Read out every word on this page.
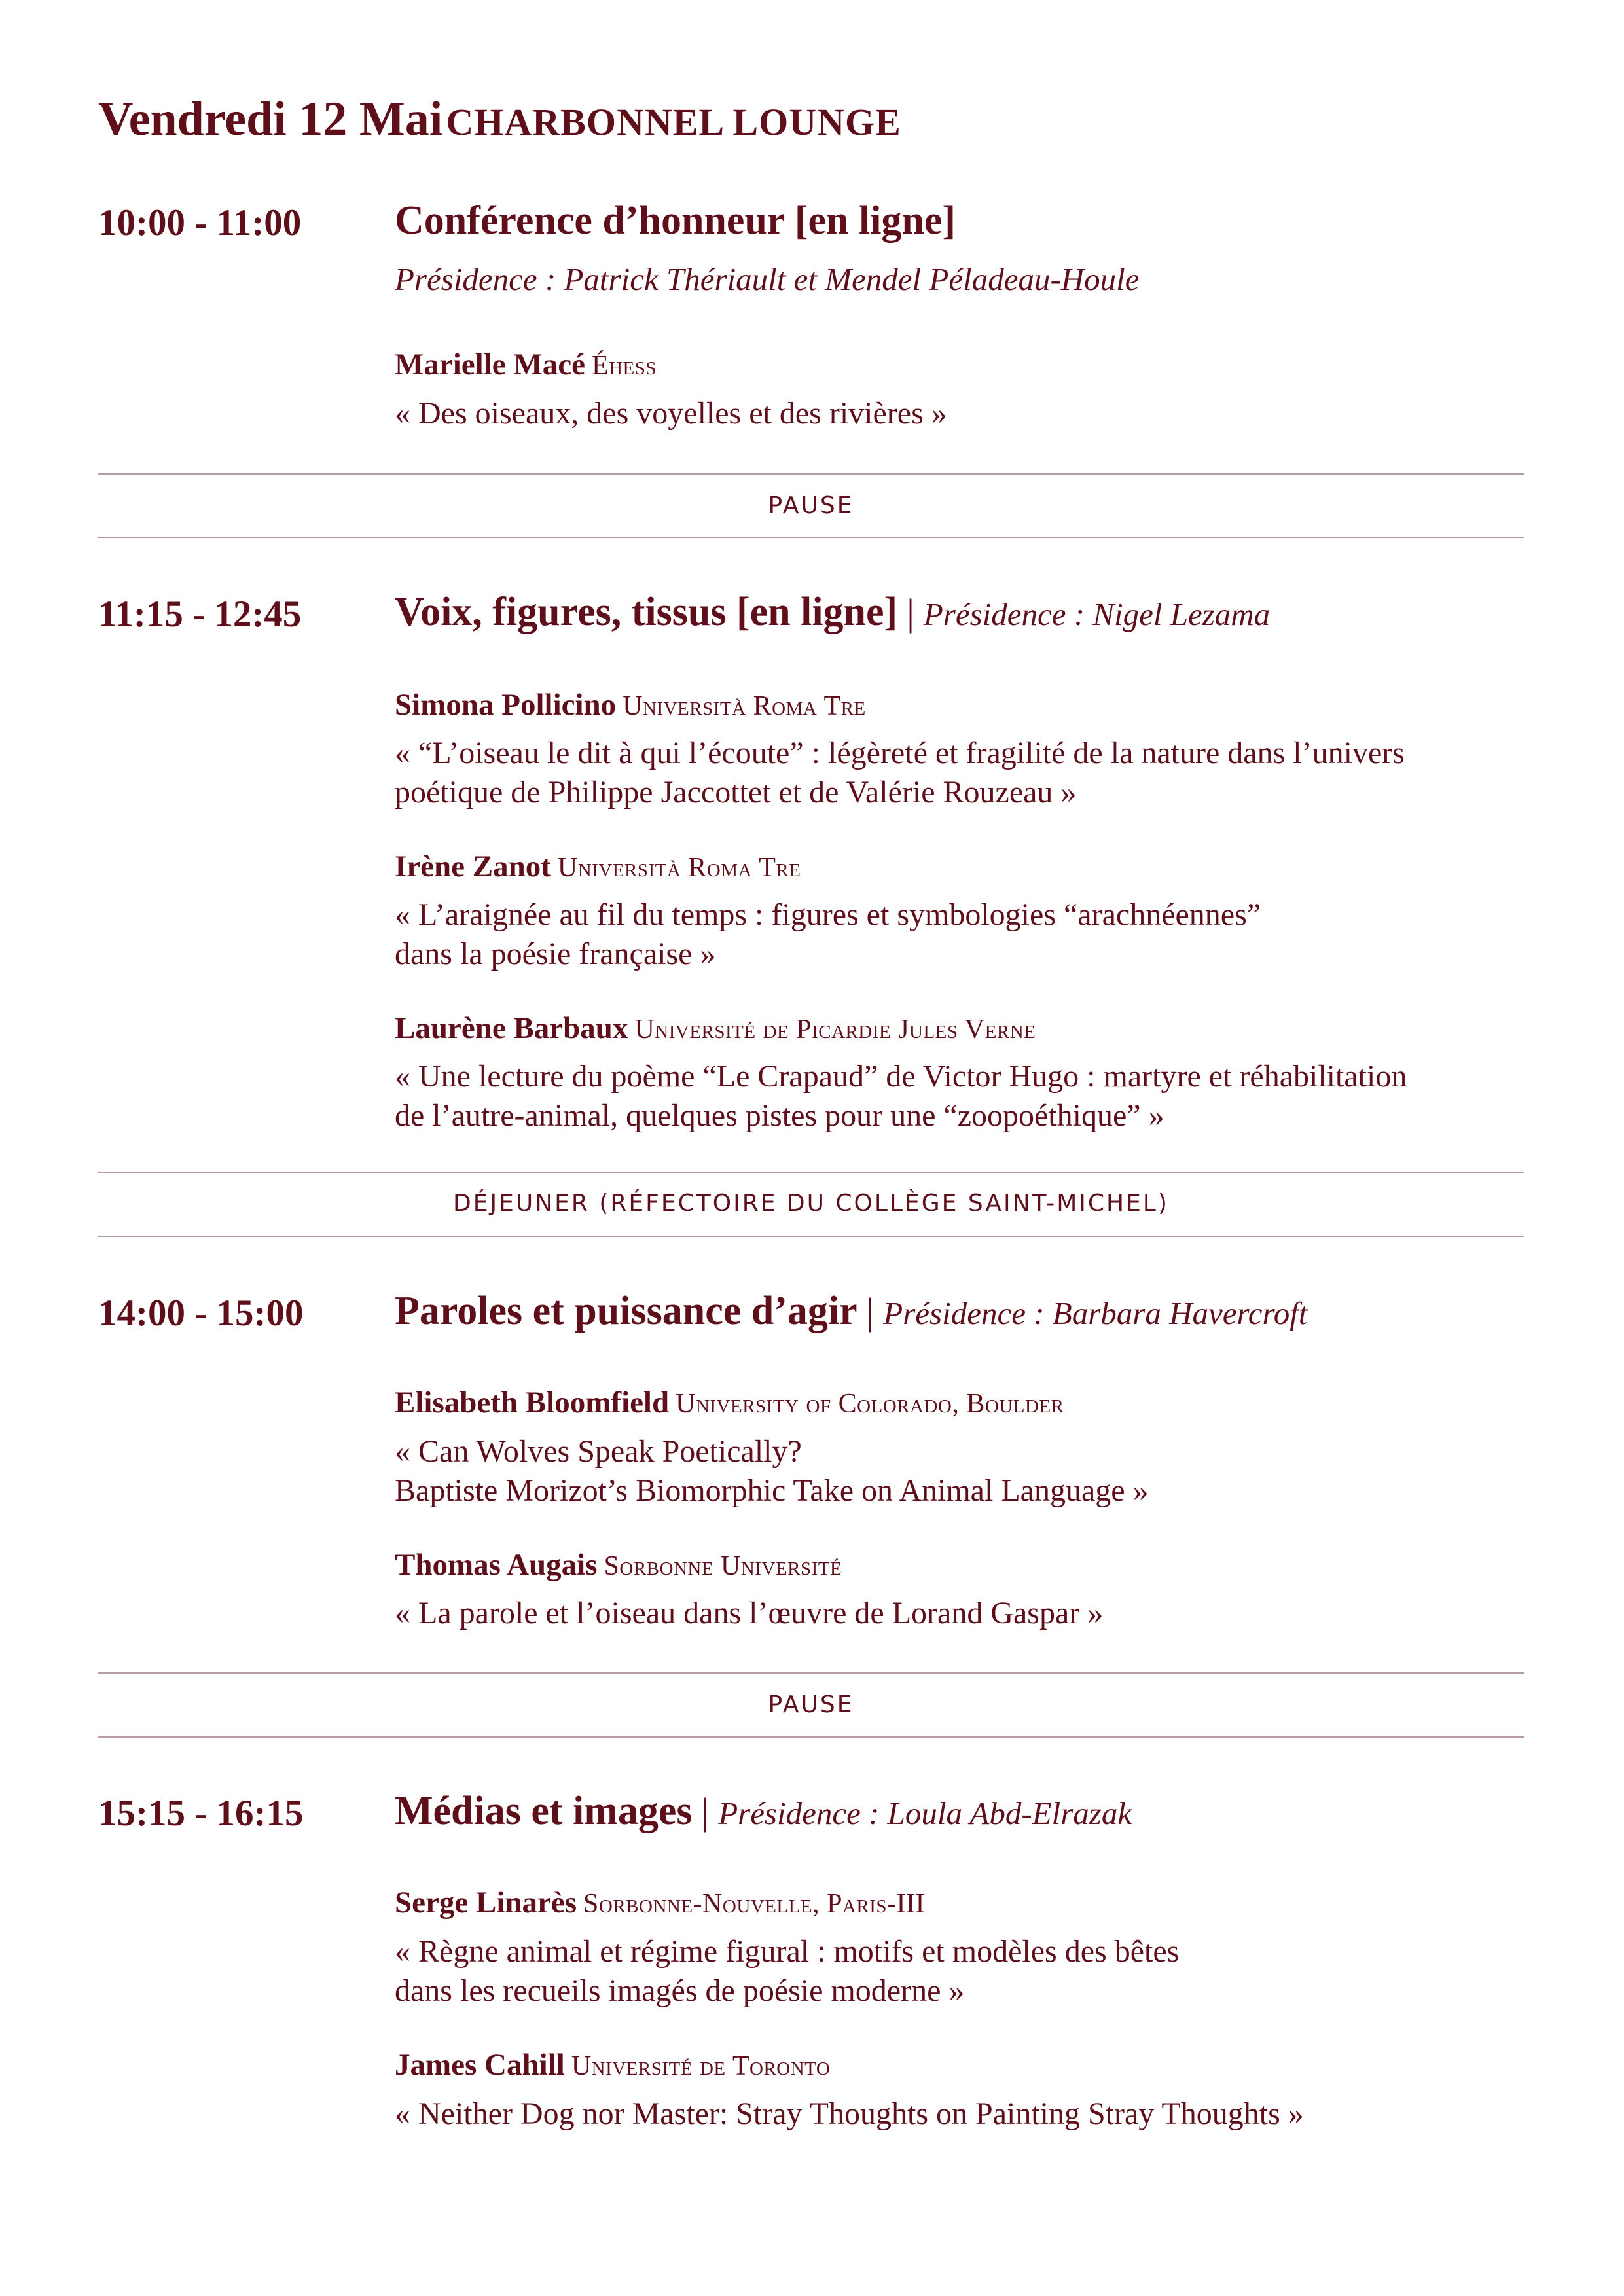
Vendredi 12 Mai CHARBONNEL LOUNGE
10:00 - 11:00 Conférence d’honneur [en ligne]
Présidence : Patrick Thériault et Mendel Péladeau-Houle
Marielle Macé Éhess
« Des oiseaux, des voyelles et des rivières »
PAUSE
11:15 - 12:45 Voix, figures, tissus [en ligne] | Présidence : Nigel Lezama
Simona Pollicino Università Roma Tre
« “L’oiseau le dit à qui l’écoute” : légèreté et fragilité de la nature dans l’univers
poétique de Philippe Jaccottet et de Valérie Rouzeau »
Irène Zanot Università Roma Tre
« L’araignée au fil du temps : figures et symbologies “arachnéennes”
dans la poésie française »
Laurène Barbaux Université de Picardie Jules Verne
« Une lecture du poème “Le Crapaud” de Victor Hugo : martyre et réhabilitation
de l’autre-animal, quelques pistes pour une “zoopoéthique” »
DÉJEUNER (RÉFECTOIRE DU COLLÈGE SAINT-MICHEL)
14:00 - 15:00 Paroles et puissance d’agir | Présidence : Barbara Havercroft
Elisabeth Bloomfield University of Colorado, Boulder
« Can Wolves Speak Poetically?
Baptiste Morizot’s Biomorphic Take on Animal Language »
Thomas Augais Sorbonne Université
« La parole et l’oiseau dans l’œuvre de Lorand Gaspar »
PAUSE
15:15 - 16:15 Médias et images | Présidence : Loula Abd-Elrazak
Serge Linarès Sorbonne-Nouvelle, Paris-III
« Règne animal et régime figural : motifs et modèles des bêtes
dans les recueils imagés de poésie moderne »
James Cahill Université de Toronto
« Neither Dog nor Master: Stray Thoughts on Painting Stray Thoughts »
